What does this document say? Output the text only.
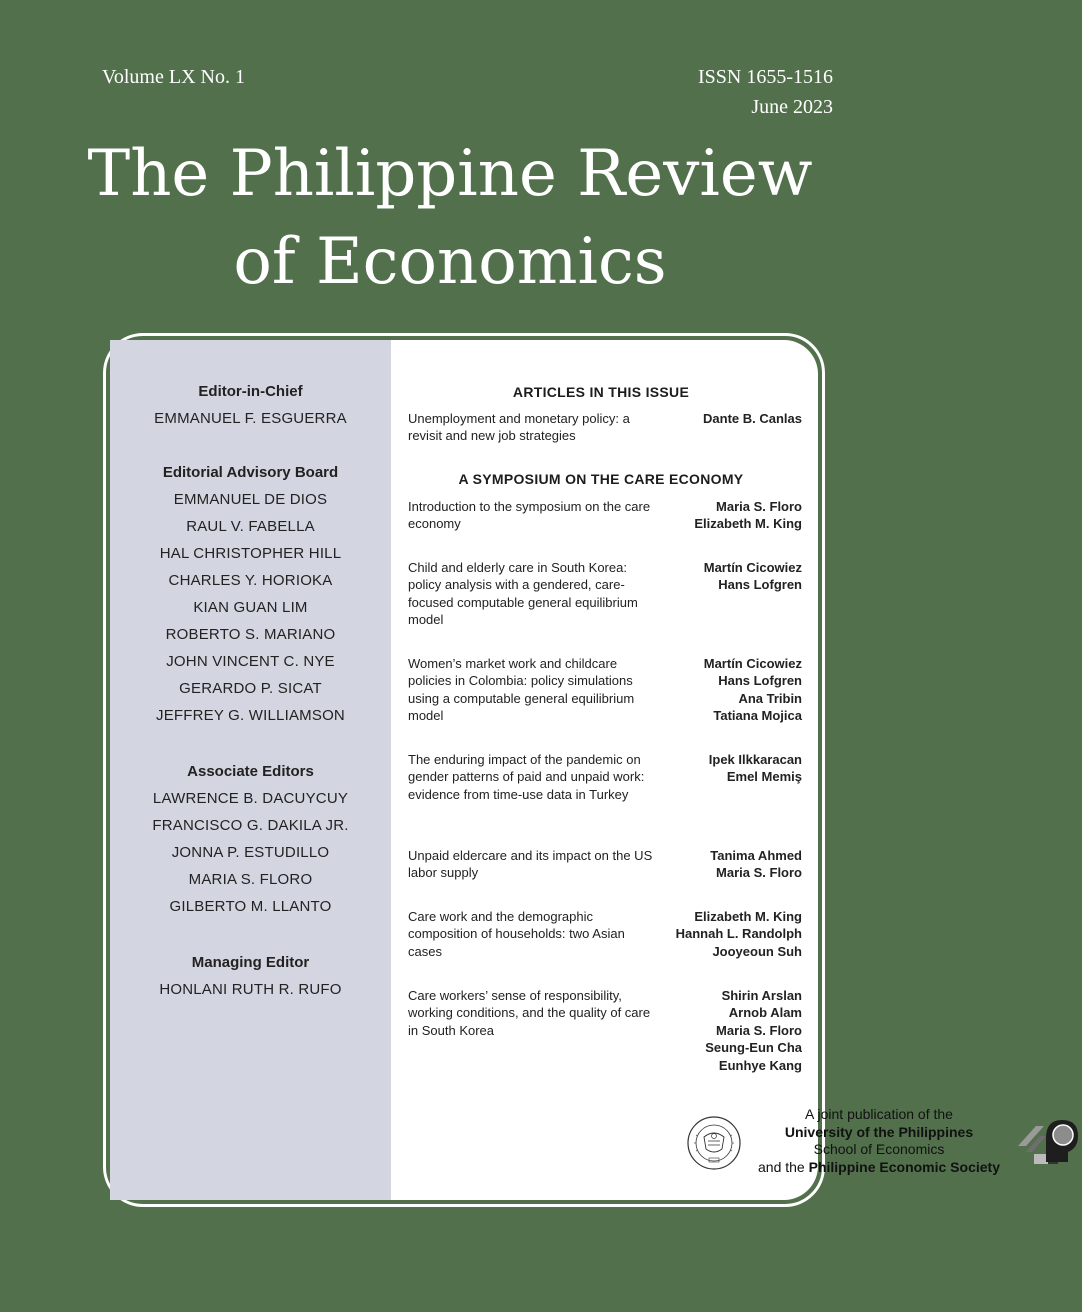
Volume LX No. 1	ISSN 1655-1516
June 2023
The Philippine Review
of Economics
Editor-in-Chief
EMMANUEL F. ESGUERRA
Editorial Advisory Board
EMMANUEL DE DIOS
RAUL V. FABELLA
HAL CHRISTOPHER HILL
CHARLES Y. HORIOKA
KIAN GUAN LIM
ROBERTO S. MARIANO
JOHN VINCENT C. NYE
GERARDO P. SICAT
JEFFREY G. WILLIAMSON
Associate Editors
LAWRENCE B. DACUYCUY
FRANCISCO G. DAKILA JR.
JONNA P. ESTUDILLO
MARIA S. FLORO
GILBERTO M. LLANTO
Managing Editor
HONLANI RUTH R. RUFO
ARTICLES IN THIS ISSUE
Unemployment and monetary policy: a revisit and new job strategies
Dante B. Canlas
A SYMPOSIUM ON THE CARE ECONOMY
Introduction to the symposium on the care economy
Maria S. Floro
Elizabeth M. King
Child and elderly care in South Korea: policy analysis with a gendered, care-focused computable general equilibrium model
Martín Cicowiez
Hans Lofgren
Women’s market work and childcare policies in Colombia: policy simulations using a computable general equilibrium model
Martín Cicowiez
Hans Lofgren
Ana Tribin
Tatiana Mojica
The enduring impact of the pandemic on gender patterns of paid and unpaid work: evidence from time-use data in Turkey
Ipek Ilkkaracan
Emel Memiş
Unpaid eldercare and its impact on the US labor supply
Tanima Ahmed
Maria S. Floro
Care work and the demographic composition of households: two Asian cases
Elizabeth M. King
Hannah L. Randolph
Jooyeoun Suh
Care workers’ sense of responsibility, working conditions, and the quality of care in South Korea
Shirin Arslan
Arnob Alam
Maria S. Floro
Seung-Eun Cha
Eunhye Kang
A joint publication of the
University of the Philippines
School of Economics
and the Philippine Economic Society
